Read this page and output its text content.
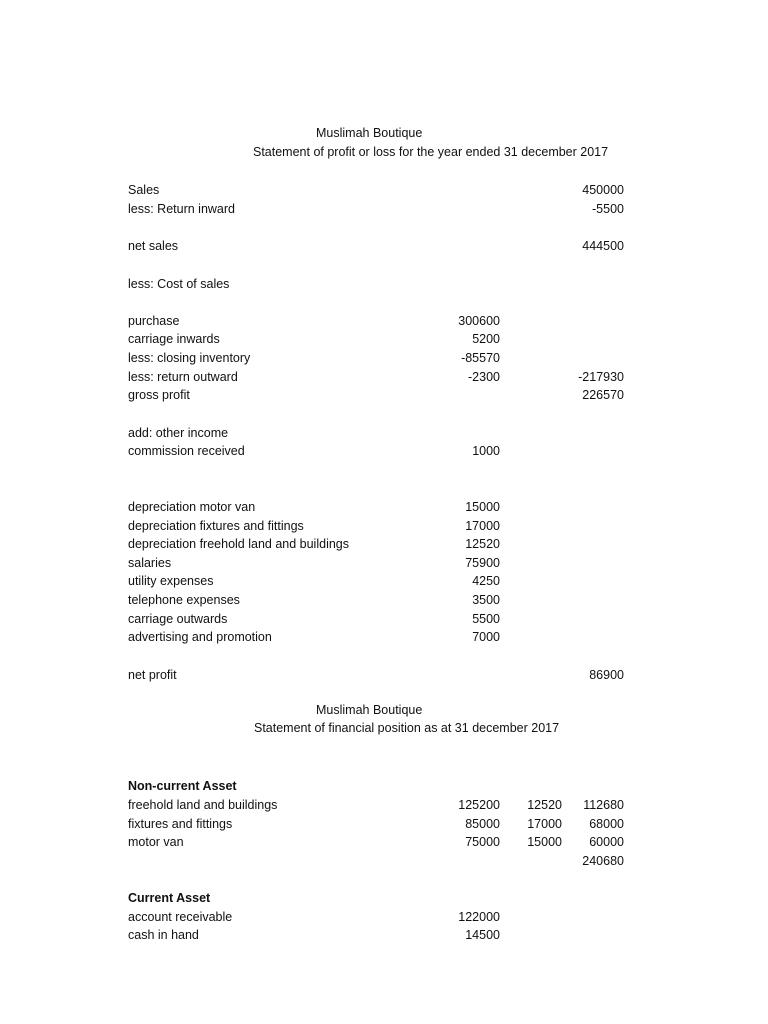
Muslimah Boutique
Statement of profit or loss for the year ended 31 december 2017
Sales	450000
less: Return inward	-5500
net sales	444500
less: Cost of sales
purchase	300600
carriage inwards	5200
less: closing inventory	-85570
less: return outward	-2300	-217930
gross profit	226570
add: other income
commission received	1000
depreciation motor van	15000
depreciation fixtures and fittings	17000
depreciation freehold land and buildings	12520
salaries	75900
utility expenses	4250
telephone expenses	3500
carriage outwards	5500
advertising and promotion	7000
net profit	86900
Muslimah Boutique
Statement of financial position as at 31 december 2017
Non-current Asset
freehold land and buildings	125200 12520 112680
fixtures and fittings	85000 17000 68000
motor van	75000 15000 60000
240680
Current Asset
account receivable	122000
cash in hand	14500
